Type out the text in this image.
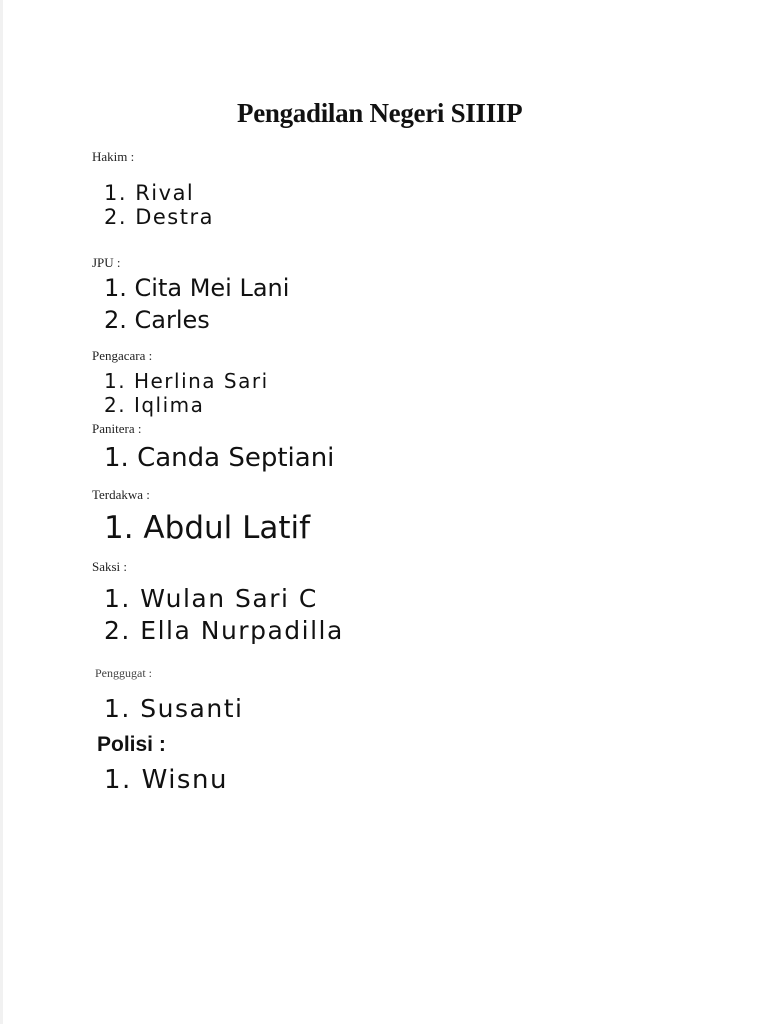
Pengadilan Negeri SIIIIP
Hakim :
1. Rival
2. Destra
JPU :
1. Cita Mei Lani
2. Carles
Pengacara :
1. Herlina Sari
2. Iqlima
Panitera :
1. Canda Septiani
Terdakwa :
1. Abdul Latif
Saksi :
1. Wulan Sari C
2. Ella Nurpadilla
Penggugat :
1. Susanti
Polisi :
1. Wisnu
